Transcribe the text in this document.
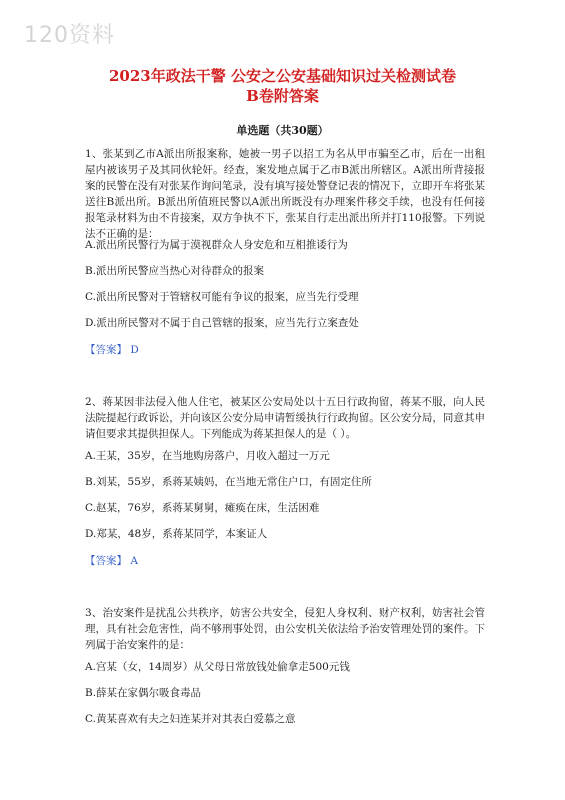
120资料
2023年政法干警 公安之公安基础知识过关检测试卷
B卷附答案
单选题（共30题）
1、张某到乙市A派出所报案称，她被一男子以招工为名从甲市骗至乙市，后在一出租屋内被该男子及其同伙轮奸。经查，案发地点属于乙市B派出所辖区。A派出所背接报案的民警在没有对张某作询问笔录，没有填写接处警登记表的情况下，立即开车将张某送往B派出所。B派出所值班民警以A派出所既没有办理案件移交手续，也没有任何接报笔录材料为由不肯接案，双方争执不下，张某自行走出派出所并打110报警。下列说法不正确的是：
A.派出所民警行为属于漠视群众人身安危和互相推诿行为
B.派出所民警应当热心对待群众的报案
C.派出所民警对于管辖权可能有争议的报案，应当先行受理
D.派出所民警对不属于自己管辖的报案，应当先行立案查处
【答案】 D
2、蒋某因非法侵入他人住宅，被某区公安局处以十五日行政拘留，蒋某不服，向人民法院提起行政诉讼，并向该区公安分局申请暂缓执行行政拘留。区公安分局，同意其申请但要求其提供担保人。下列能成为蒋某担保人的是（ ）。
A.王某，35岁，在当地购房落户，月收入超过一万元
B.刘某，55岁，系蒋某姨妈，在当地无常住户口，有固定住所
C.赵某，76岁，系蒋某舅舅，瘫痪在床，生活困难
D.郑某，48岁，系蒋某同学，本案证人
【答案】 A
3、治安案件是扰乱公共秩序，妨害公共安全，侵犯人身权利、财产权利，妨害社会管理，具有社会危害性，尚不够刑事处罚，由公安机关依法给予治安管理处罚的案件。下列属于治安案件的是：
A.宫某（女，14周岁）从父母日常放钱处偷拿走500元钱
B.薛某在家偶尔吸食毒品
C.黄某喜欢有夫之妇连某并对其表白爱慕之意
